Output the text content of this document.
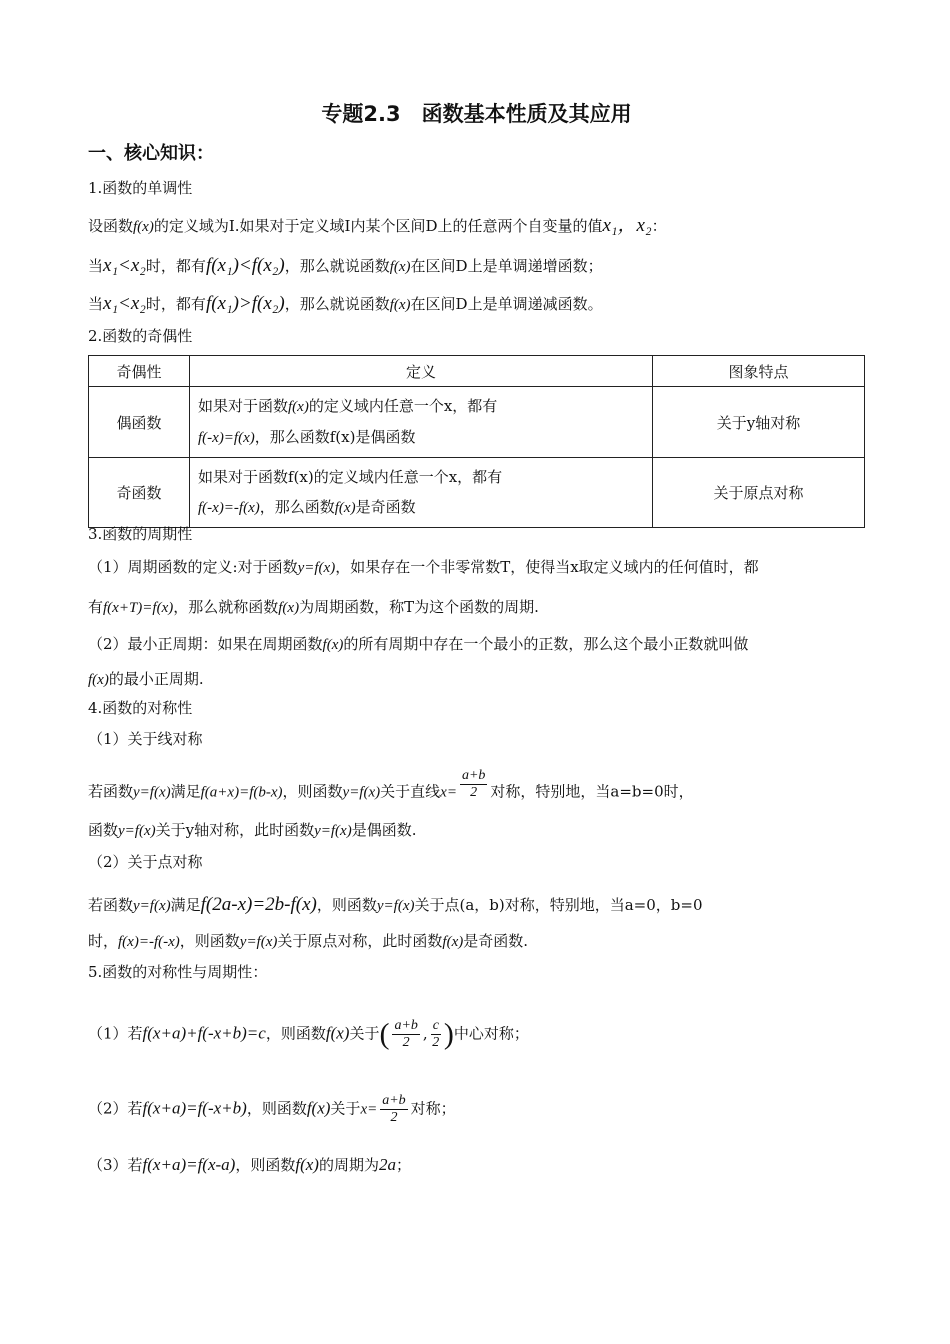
专题2.3　函数基本性质及其应用
一、核心知识：
1.函数的单调性
设函数f(x)的定义域为I.如果对于定义域I内某个区间D上的任意两个自变量的值x₁，x₂：
当x₁<x₂时，都有f(x₁)<f(x₂)，那么就说函数f(x)在区间D上是单调递增函数；
当x₁<x₂时，都有f(x₁)>f(x₂)，那么就说函数f(x)在区间D上是单调递减函数。
2.函数的奇偶性
奇偶性	定义	图象特点
偶函数	如果对于函数f(x)的定义域内任意一个x，都有
f(-x)=f(x)，那么函数f(x)是偶函数	关于y轴对称
奇函数	如果对于函数f(x)的定义域内任意一个x，都有
f(-x)=-f(x)，那么函数f(x)是奇函数	关于原点对称
3.函数的周期性
（1）周期函数的定义:对于函数y=f(x)，如果存在一个非零常数T，使得当x取定义域内的任何值时，都
有f(x+T)=f(x)，那么就称函数f(x)为周期函数，称T为这个函数的周期.
（2）最小正周期：如果在周期函数f(x)的所有周期中存在一个最小的正数，那么这个最小正数就叫做
f(x)的最小正周期.
4.函数的对称性
（1）关于线对称
若函数y=f(x)满足f(a+x)=f(b-x)，则函数y=f(x)关于直线$x= \frac{a+b}{2}$ 对称，特别地，当a=b=0时，
函数y=f(x)关于y轴对称，此时函数y=f(x)是偶函数.
（2）关于点对称
若函数y=f(x)满足f(2a-x)=2b-f(x)，则函数y=f(x)关于点(a，b)对称，特别地，当a=0，b=0
时，f(x)=-f(-x)，则函数y=f(x)关于原点对称，此时函数f(x)是奇函数.
5.函数的对称性与周期性：
（1）若f(x+a)+f(-x+b)=c，则函数f(x)关于( $\frac{a+b}{2}$ , $\frac{c}{2}$ )中心对称；
（2）若f(x+a)=f(-x+b)，则函数f(x)关于$x= \frac{a+b}{2}$ 对称；
（3）若f(x+a)=f(x-a)，则函数f(x)的周期为2a；
